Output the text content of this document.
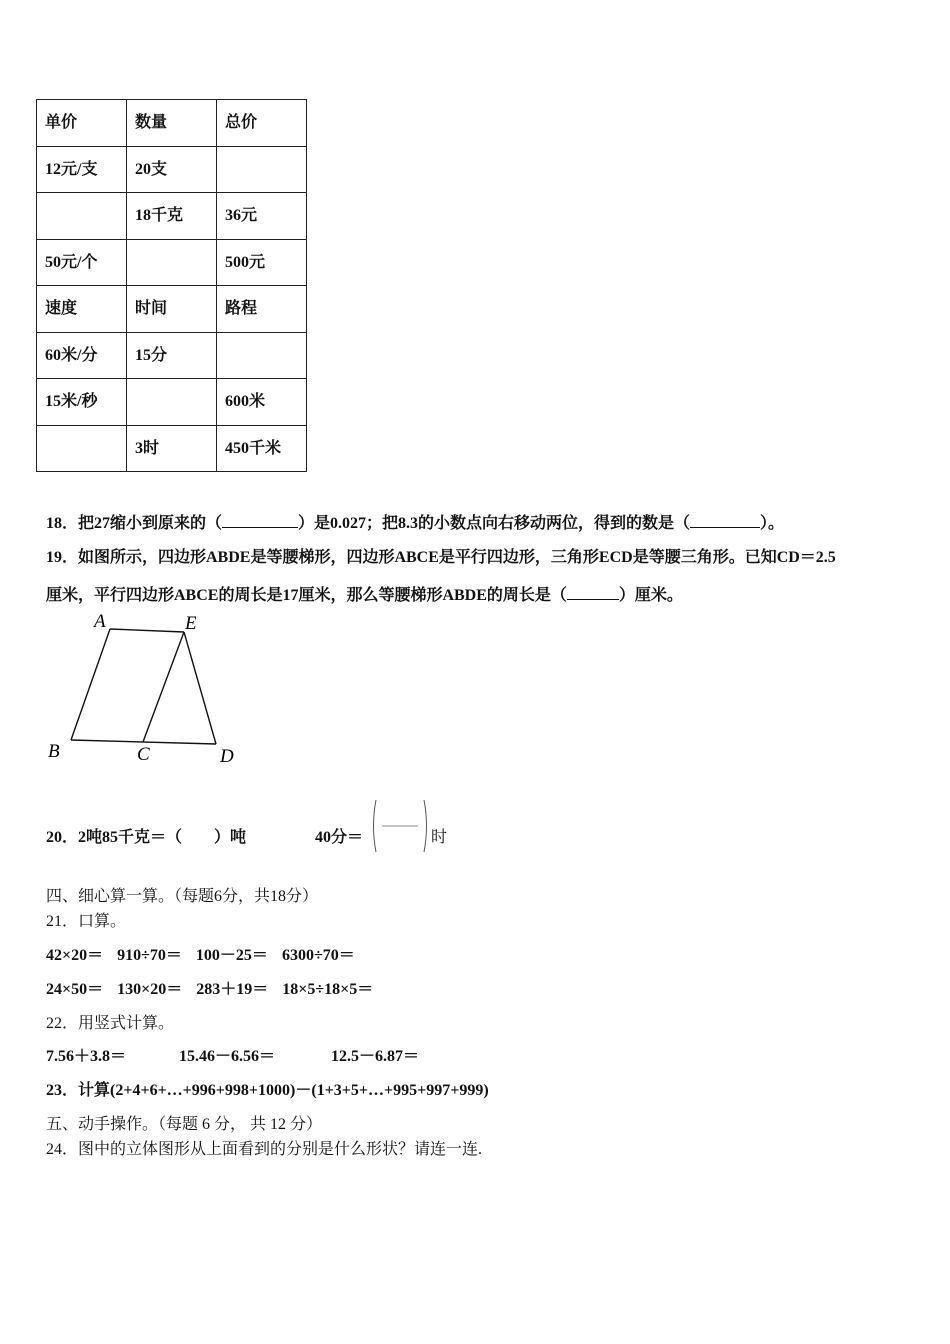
单价	数量	总价
12元/支	20支	
	18千克	36元
50元/个		500元
速度	时间	路程
60米/分	15分	
15米/秒		600米
	3时	450千米
18．把27缩小到原来的（	）是0.027；把8.3的小数点向右移动两位，得到的数是（	）。
19．如图所示，四边形ABDE是等腰梯形，四边形ABCE是平行四边形，三角形ECD是等腰三角形。已知CD＝2.5
厘米，平行四边形ABCE的周长是17厘米，那么等腰梯形ABDE的周长是（	）厘米。
A	E
B	C	D
20．2吨85千克＝（　　）吨	40分＝	时
四、细心算一算。（每题6分，共18分）
21．口算。
42×20＝ 910÷70＝ 100－25＝ 6300÷70＝
24×50＝ 130×20＝ 283＋19＝ 18×5÷18×5＝
22．用竖式计算。
7.56＋3.8＝	15.46－6.56＝	12.5－6.87＝
23．计算(2+4+6+…+996+998+1000)－(1+3+5+…+995+997+999)
五、动手操作。（每题 6 分， 共 12 分）
24．图中的立体图形从上面看到的分别是什么形状？请连一连.
